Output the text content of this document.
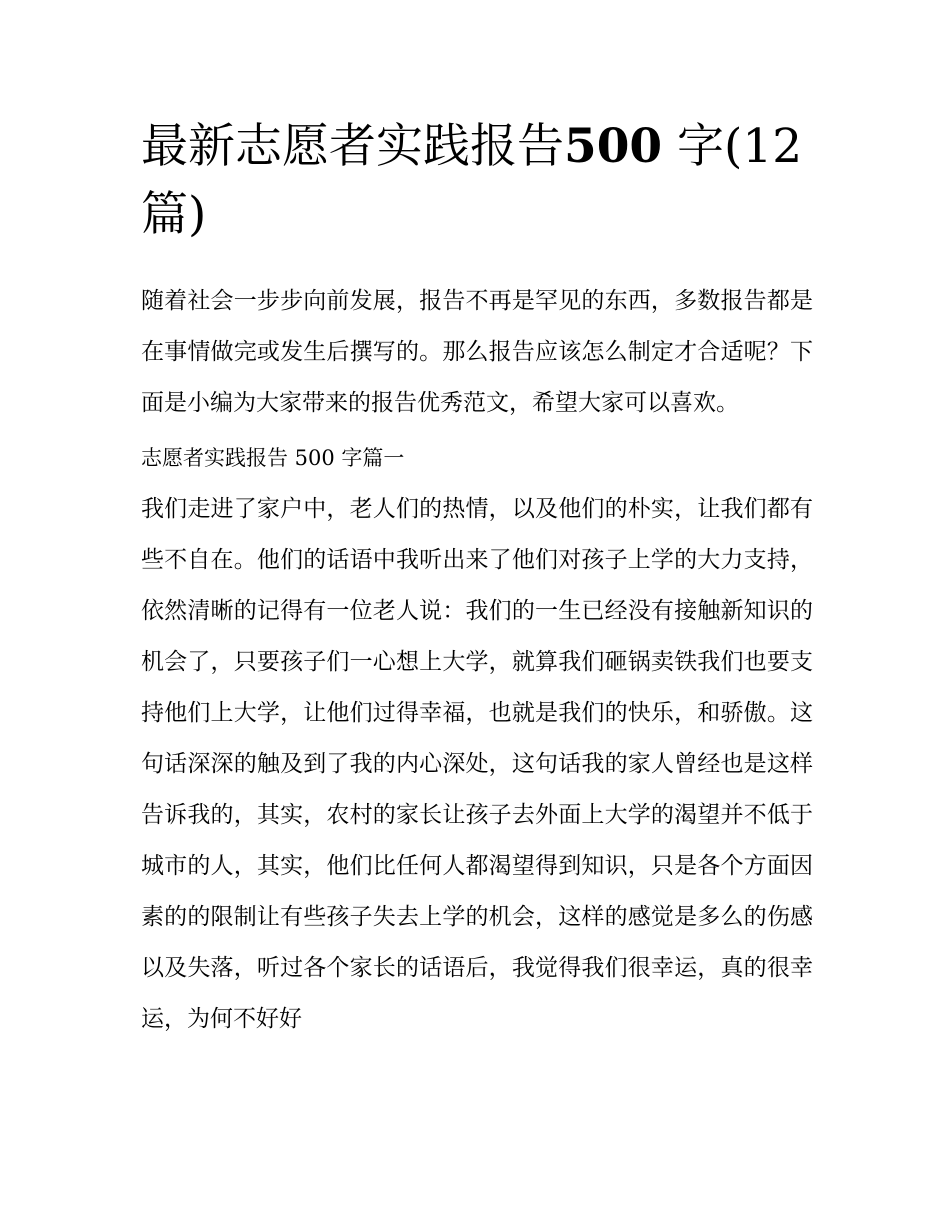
最新志愿者实践报告500 字(12 篇)

随着社会一步步向前发展，报告不再是罕见的东西，多数报告都是在事情做完或发生后撰写的。那么报告应该怎么制定才合适呢？下面是小编为大家带来的报告优秀范文，希望大家可以喜欢。

志愿者实践报告 500 字篇一

我们走进了家户中，老人们的热情，以及他们的朴实，让我们都有些不自在。他们的话语中我听出来了他们对孩子上学的大力支持，依然清晰的记得有一位老人说：我们的一生已经没有接触新知识的机会了，只要孩子们一心想上大学，就算我们砸锅卖铁我们也要支持他们上大学，让他们过得幸福，也就是我们的快乐，和骄傲。这句话深深的触及到了我的内心深处，这句话我的家人曾经也是这样告诉我的，其实，农村的家长让孩子去外面上大学的渴望并不低于城市的人，其实，他们比任何人都渴望得到知识，只是各个方面因素的的限制让有些孩子失去上学的机会，这样的感觉是多么的伤感以及失落，听过各个家长的话语后，我觉得我们很幸运，真的很幸运，为何不好好
